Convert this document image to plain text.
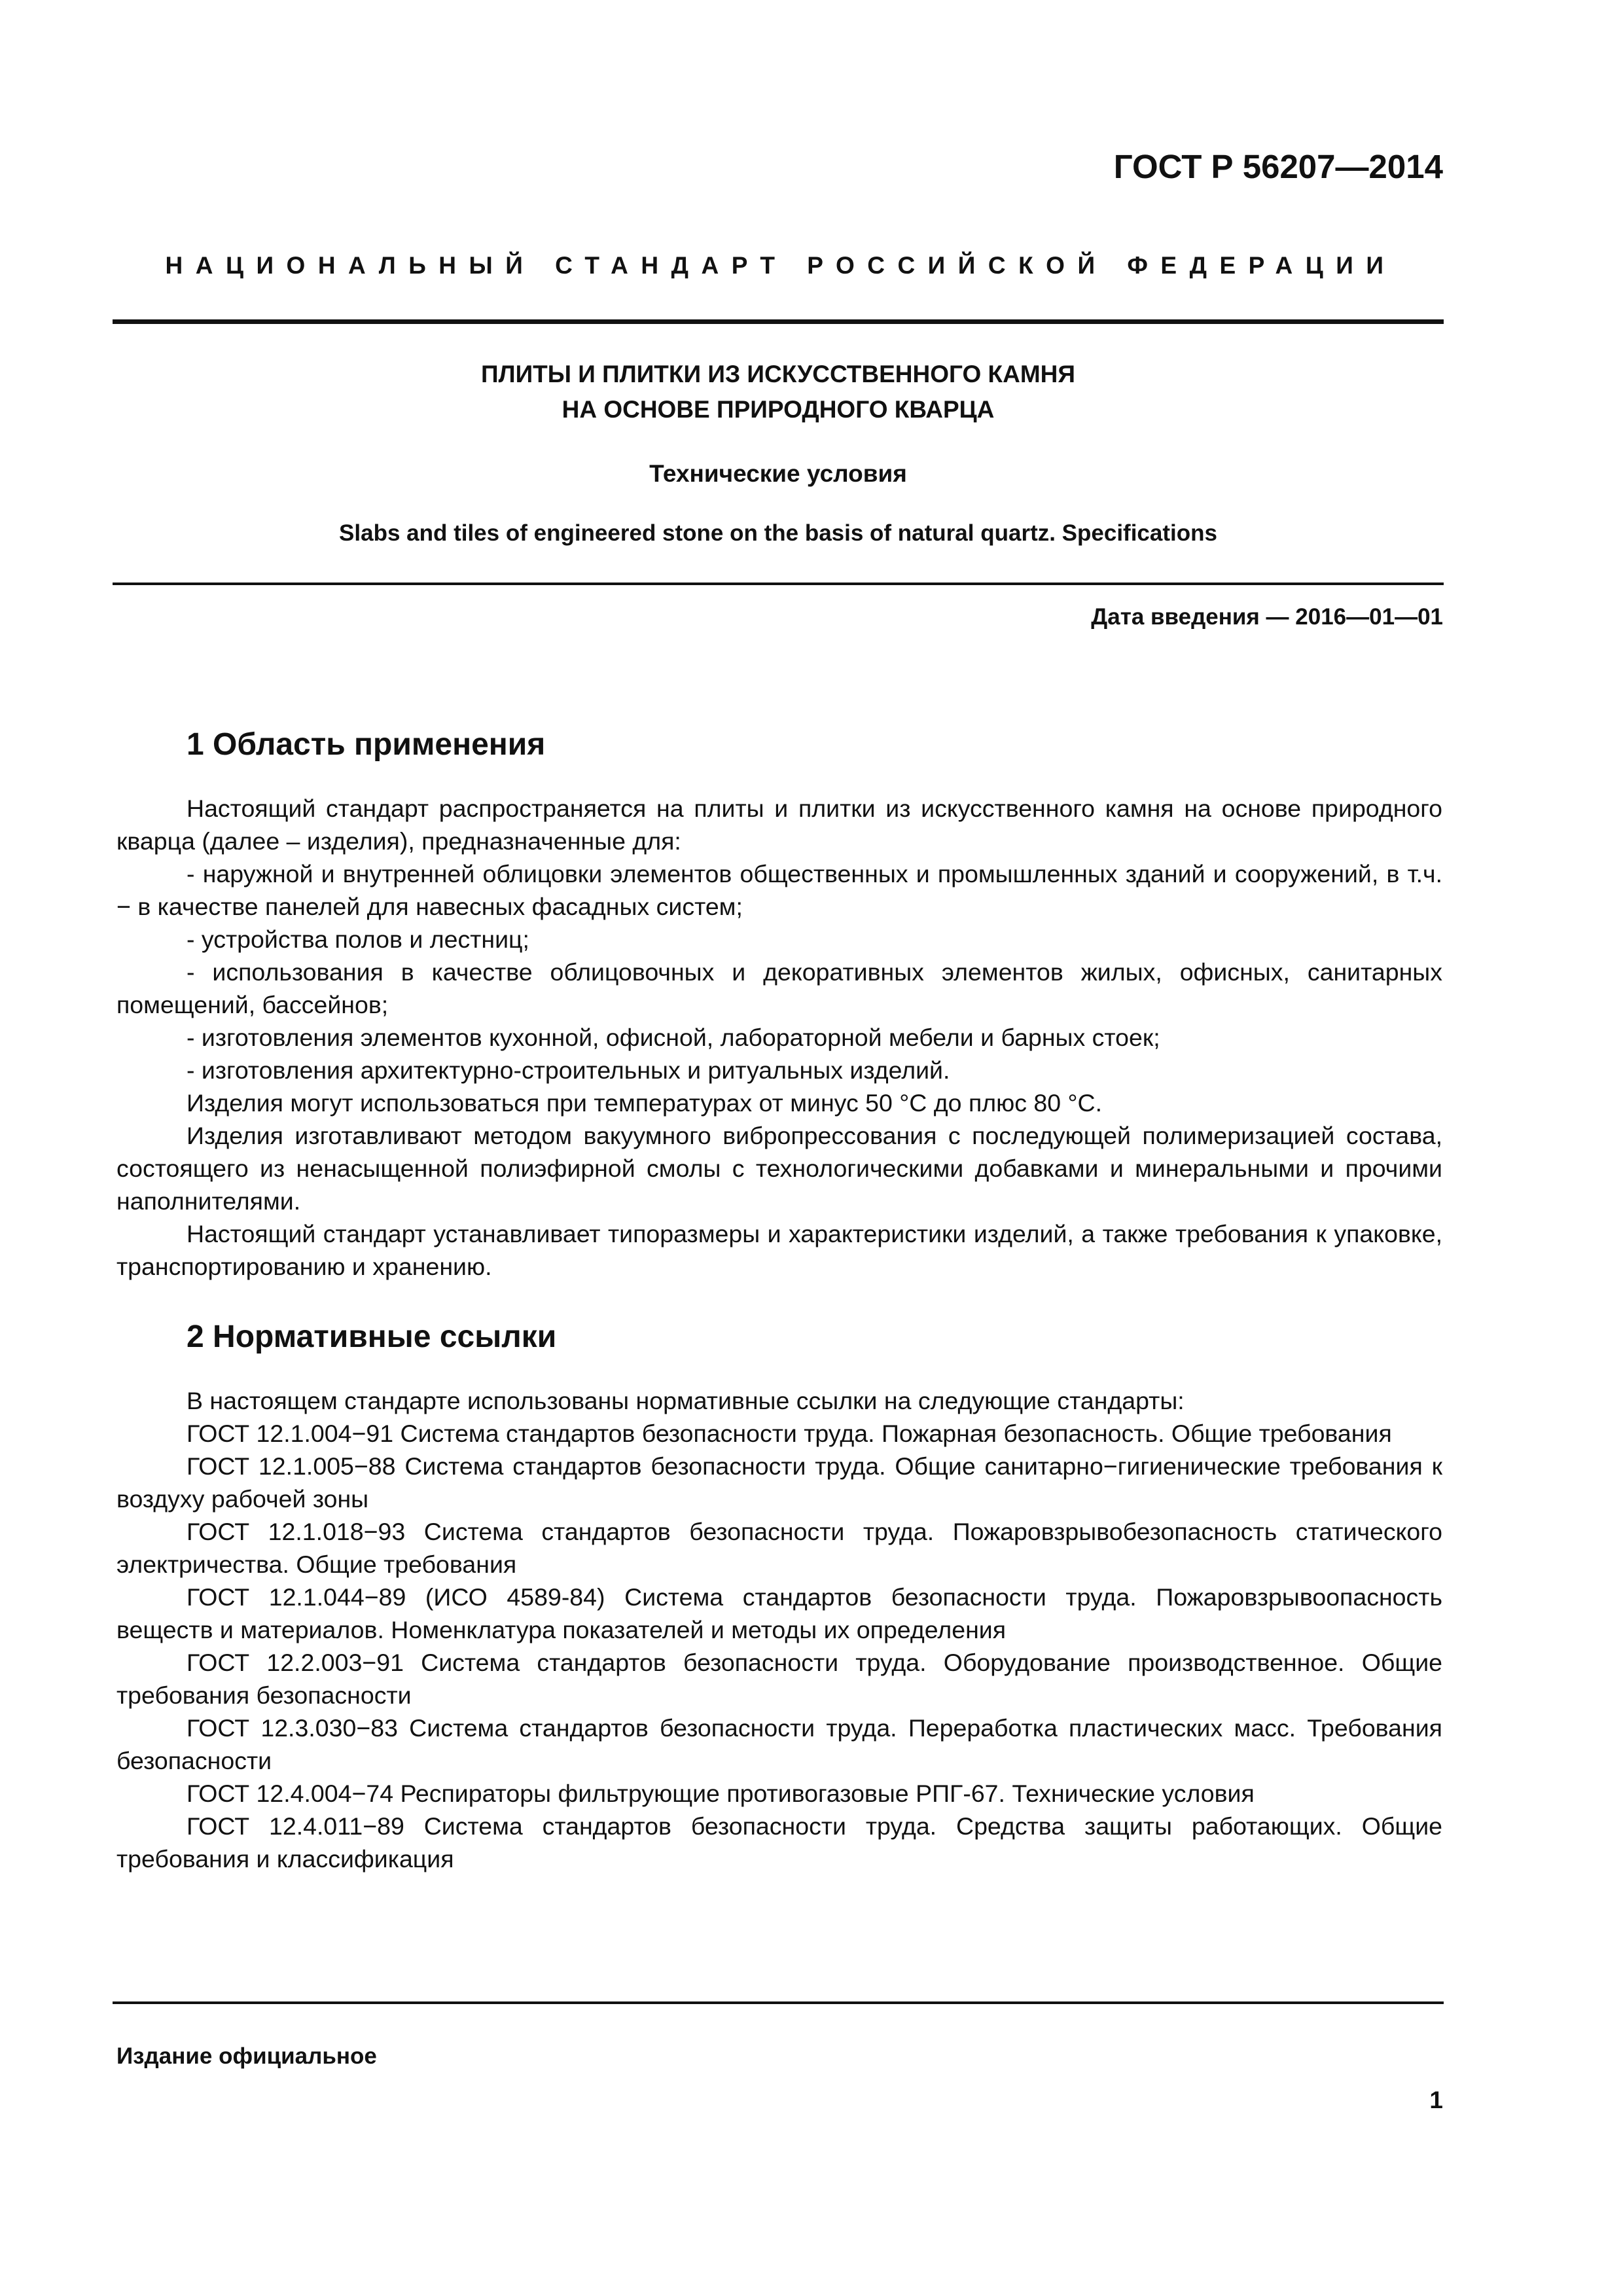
ГОСТ Р 56207—2014
НАЦИОНАЛЬНЫЙ СТАНДАРТ РОССИЙСКОЙ ФЕДЕРАЦИИ

ПЛИТЫ И ПЛИТКИ ИЗ ИСКУССТВЕННОГО КАМНЯ

НА ОСНОВЕ ПРИРОДНОГО КВАРЦА

Технические условия

Slabs and tiles of engineered stone on the basis of natural quartz. Specifications

Дата введения — 2016—01—01

1 Область применения

Настоящий стандарт распространяется на плиты и плитки из искусственного камня на основе природного кварца (далее – изделия), предназначенные для:

- наружной и внутренней облицовки элементов общественных и промышленных зданий и сооружений, в т.ч. − в качестве панелей для навесных фасадных систем;

- устройства полов и лестниц;

- использования в качестве облицовочных и декоративных элементов жилых, офисных, санитарных помещений, бассейнов;

- изготовления элементов кухонной, офисной, лабораторной мебели и барных стоек;

- изготовления архитектурно-строительных и ритуальных изделий.

Изделия могут использоваться при температурах от минус 50 °С до плюс 80 °С.

Изделия изготавливают методом вакуумного вибропрессования с последующей полимеризацией состава, состоящего из ненасыщенной полиэфирной смолы с технологическими добавками и минеральными и прочими наполнителями.

Настоящий стандарт устанавливает типоразмеры и характеристики изделий, а также требования к упаковке, транспортированию и хранению.

2 Нормативные ссылки

В настоящем стандарте использованы нормативные ссылки на следующие стандарты:

ГОСТ 12.1.004−91 Система стандартов безопасности труда. Пожарная безопасность. Общие требования

ГОСТ 12.1.005−88 Система стандартов безопасности труда. Общие санитарно−гигиенические требования к воздуху рабочей зоны

ГОСТ 12.1.018−93 Система стандартов безопасности труда. Пожаровзрывобезопасность статического электричества. Общие требования

ГОСТ 12.1.044−89 (ИСО 4589-84) Система стандартов безопасности труда. Пожаровзрывоопасность веществ и материалов. Номенклатура показателей и методы их определения

ГОСТ 12.2.003−91 Система стандартов безопасности труда. Оборудование производственное. Общие требования безопасности

ГОСТ 12.3.030−83 Система стандартов безопасности труда. Переработка пластических масс. Требования безопасности

ГОСТ 12.4.004−74 Респираторы фильтрующие противогазовые РПГ-67. Технические условия

ГОСТ 12.4.011−89 Система стандартов безопасности труда. Средства защиты работающих. Общие требования и классификация

Издание официальное

1
